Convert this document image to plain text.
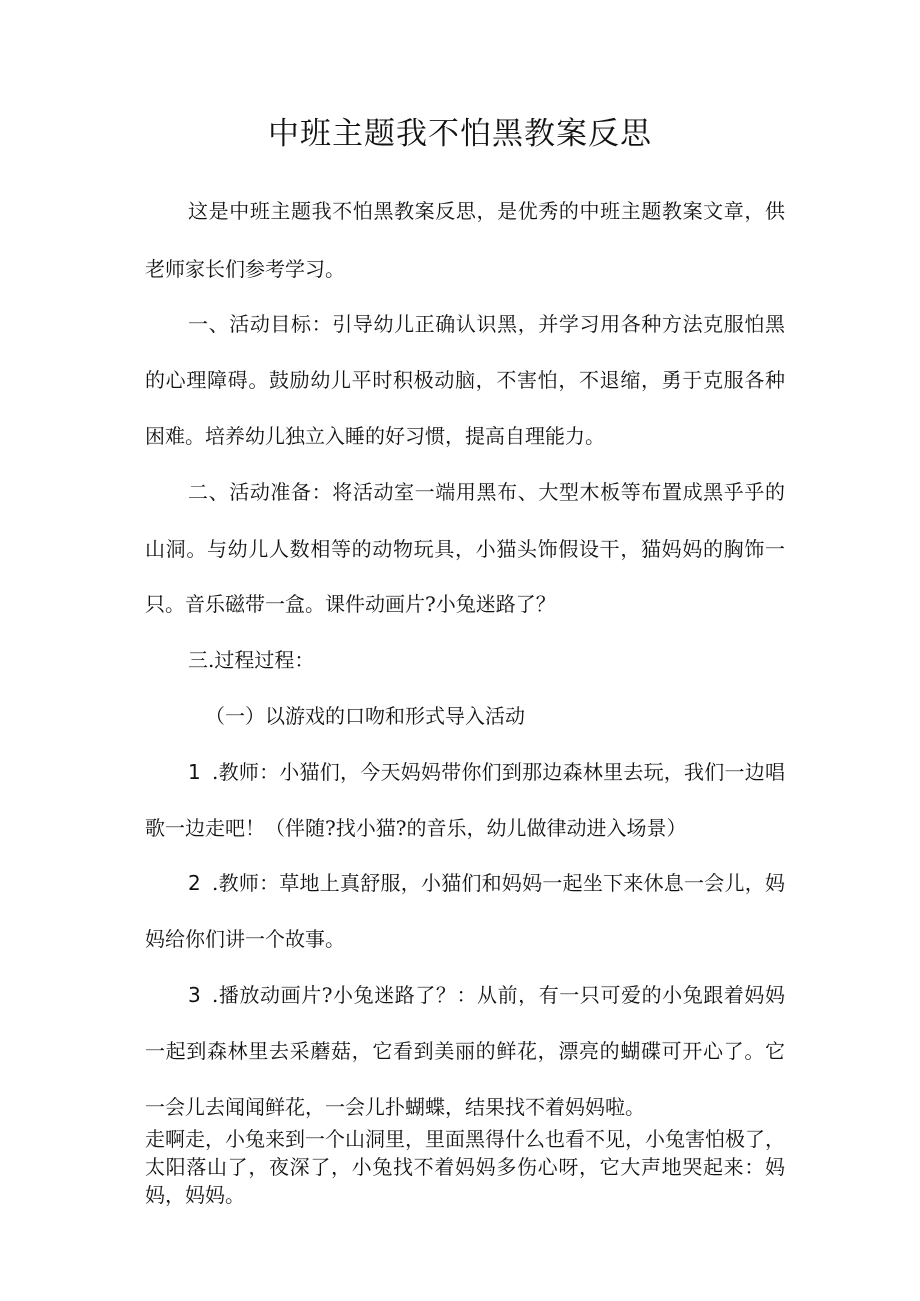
中班主题我不怕黑教案反思

这是中班主题我不怕黑教案反思，是优秀的中班主题教案文章，供

老师家长们参考学习。

一、活动目标：引导幼儿正确认识黑，并学习用各种方法克服怕黑

的心理障碍。鼓励幼儿平时积极动脑，不害怕，不退缩，勇于克服各种

困难。培养幼儿独立入睡的好习惯，提高自理能力。

二、活动准备：将活动室一端用黑布、大型木板等布置成黑乎乎的

山洞。与幼儿人数相等的动物玩具，小猫头饰假设干，猫妈妈的胸饰一

只。音乐磁带一盒。课件动画片?小兔迷路了？

三.过程过程：

（一）以游戏的口吻和形式导入活动

1 .教师：小猫们，今天妈妈带你们到那边森林里去玩，我们一边唱

歌一边走吧！（伴随?找小猫?的音乐，幼儿做律动进入场景）

2 .教师：草地上真舒服，小猫们和妈妈一起坐下来休息一会儿，妈

妈给你们讲一个故事。

3 .播放动画片?小兔迷路了？：从前，有一只可爱的小兔跟着妈妈

一起到森林里去采蘑菇，它看到美丽的鲜花，漂亮的蝴碟可开心了。它

一会儿去闻闻鲜花，一会儿扑蝴蝶，结果找不着妈妈啦。

走啊走，小兔来到一个山洞里，里面黑得什么也看不见，小兔害怕极了，

太阳落山了，夜深了，小兔找不着妈妈多伤心呀，它大声地哭起来：妈

妈，妈妈。
